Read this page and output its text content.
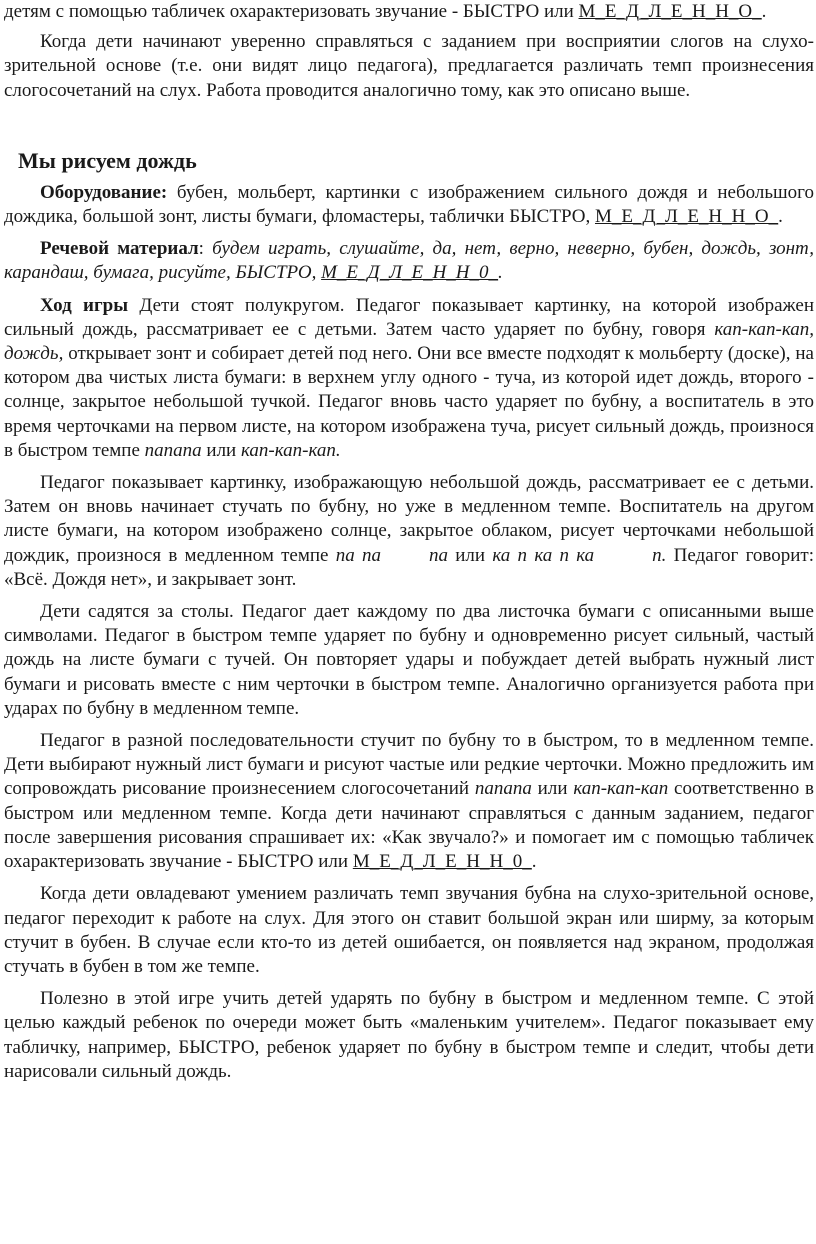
детям с помощью табличек охарактеризовать звучание - БЫСТРО или М_Е_Д_Л_Е_Н_Н_О_.

Когда дети начинают уверенно справляться с заданием при восприятии слогов на слухо-зрительной основе (т.е. они видят лицо педагога), предлагается различать темп произнесения слогосочетаний на слух. Работа проводится аналогично тому, как это описано выше.

Мы рисуем дождь

Оборудование: бубен, мольберт, картинки с изображением сильного дождя и небольшого дождика, большой зонт, листы бумаги, фломастеры, таблички БЫСТРО, М_Е_Д_Л_Е_Н_Н_О_.

Речевой материал: будем играть, слушайте, да, нет, верно, неверно, бубен, дождь, зонт, карандаш, бумага, рисуйте, БЫСТРО, М_Е_Д_Л_Е_Н_Н_0_.

Ход игры Дети стоят полукругом. Педагог показывает картинку, на которой изображен сильный дождь, рассматривает ее с детьми. Затем часто ударяет по бубну, говоря кап-кап-кап, дождь, открывает зонт и собирает детей под него. Они все вместе подходят к мольберту (доске), на котором два чистых листа бумаги: в верхнем углу одного - туча, из которой идет дождь, второго - солнце, закрытое небольшой тучкой. Педагог вновь часто ударяет по бубну, а воспитатель в это время черточками на первом листе, на котором изображена туча, рисует сильный дождь, произнося в быстром темпе папапа или кап-кап-кап.

Педагог показывает картинку, изображающую небольшой дождь, рассматривает ее с детьми. Затем он вновь начинает стучать по бубну, но уже в медленном темпе. Воспитатель на другом листе бумаги, на котором изображено солнце, закрытое облаком, рисует черточками небольшой дождик, произнося в медленном темпе па па	па или ка п ка п ка	п. Педагог говорит: «Всё. Дождя нет», и закрывает зонт.

Дети садятся за столы. Педагог дает каждому по два листочка бумаги с описанными выше символами. Педагог в быстром темпе ударяет по бубну и одновременно рисует сильный, частый дождь на листе бумаги с тучей. Он повторяет удары и побуждает детей выбрать нужный лист бумаги и рисовать вместе с ним черточки в быстром темпе. Аналогично организуется работа при ударах по бубну в медленном темпе.

Педагог в разной последовательности стучит по бубну то в быстром, то в медленном темпе. Дети выбирают нужный лист бумаги и рисуют частые или редкие черточки. Можно предложить им сопровождать рисование произнесением слогосочетаний папапа или кап-кап-кап соответственно в быстром или медленном темпе. Когда дети начинают справляться с данным заданием, педагог после завершения рисования спрашивает их: «Как звучало?» и помогает им с помощью табличек охарактеризовать звучание - БЫСТРО или М_Е_Д_Л_Е_Н_Н_0_.

Когда дети овладевают умением различать темп звучания бубна на слухо-зрительной основе, педагог переходит к работе на слух. Для этого он ставит большой экран или ширму, за которым стучит в бубен. В случае если кто-то из детей ошибается, он появляется над экраном, продолжая стучать в бубен в том же темпе.

Полезно в этой игре учить детей ударять по бубну в быстром и медленном темпе. С этой целью каждый ребенок по очереди может быть «маленьким учителем». Педагог показывает ему табличку, например, БЫСТРО, ребенок ударяет по бубну в быстром темпе и следит, чтобы дети нарисовали сильный дождь.
